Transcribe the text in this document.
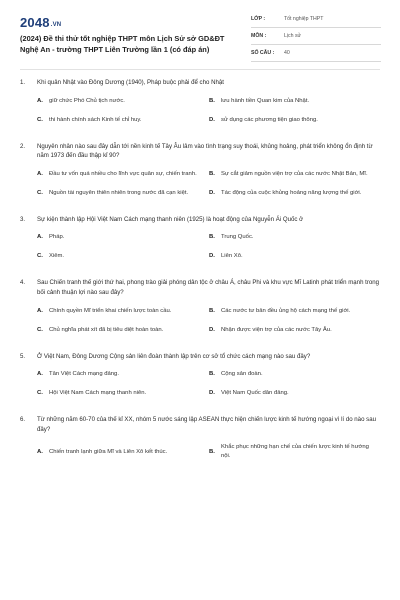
2048.VN
(2024) Đề thi thử tốt nghiệp THPT môn Lịch Sử sở GD&ĐT Nghệ An - trường THPT Liên Trường lần 1 (có đáp án)
LỚP :	Tốt nghiệp THPT
MÔN :	Lịch sử
SỐ CÂU :	40
1.	Khi quân Nhật vào Đông Dương (1940), Pháp buộc phải để cho Nhật
A.	giữ chức Phó Chủ tịch nước.	B.	lưu hành tiền Quan kim của Nhật.
C.	thi hành chính sách Kinh tế chỉ huy.	D.	sử dụng các phương tiện giao thông.
2.	Nguyên nhân nào sau đây dẫn tới nền kinh tế Tây Âu lâm vào tình trạng suy thoái, khủng hoảng, phát triển không ổn định từ năm 1973 đến đầu thập kỉ 90?
A.	Đầu tư vốn quá nhiều cho lĩnh vực quân sự, chiến tranh.	B.	Sự cắt giảm nguồn viện trợ của các nước Nhật Bản, Mĩ.
C.	Nguồn tài nguyên thiên nhiên trong nước đã cạn kiệt.	D.	Tác động của cuộc khủng hoảng năng lượng thế giới.
3.	Sự kiện thành lập Hội Việt Nam Cách mạng thanh niên (1925) là hoạt động của Nguyễn Ái Quốc ở
A.	Pháp.	B.	Trung Quốc.
C.	Xiêm.	D.	Liên Xô.
4.	Sau Chiến tranh thế giới thứ hai, phong trào giải phóng dân tộc ở châu Á, châu Phi và khu vực Mĩ Latinh phát triển mạnh trong bối cảnh thuận lợi nào sau đây?
A.	Chính quyền Mĩ triển khai chiến lược toàn cầu.	B.	Các nước tư bản đều ủng hộ cách mạng thế giới.
C.	Chủ nghĩa phát xít đã bị tiêu diệt hoàn toàn.	D.	Nhận được viện trợ của các nước Tây Âu.
5.	Ở Việt Nam, Đông Dương Cộng sản liên đoàn thành lập trên cơ sở tổ chức cách mạng nào sau đây?
A.	Tân Việt Cách mạng đảng.	B.	Cộng sản đoàn.
C.	Hội Việt Nam Cách mạng thanh niên.	D.	Việt Nam Quốc dân đảng.
6.	Từ những năm 60-70 của thế kỉ XX, nhóm 5 nước sáng lập ASEAN thực hiện chiến lược kinh tế hướng ngoại vì lí do nào sau đây?
A.	Chiến tranh lạnh giữa Mĩ và Liên Xô kết thúc.	B.
Khắc phục những hạn chế của chiến lược kinh tế hướng nội.
